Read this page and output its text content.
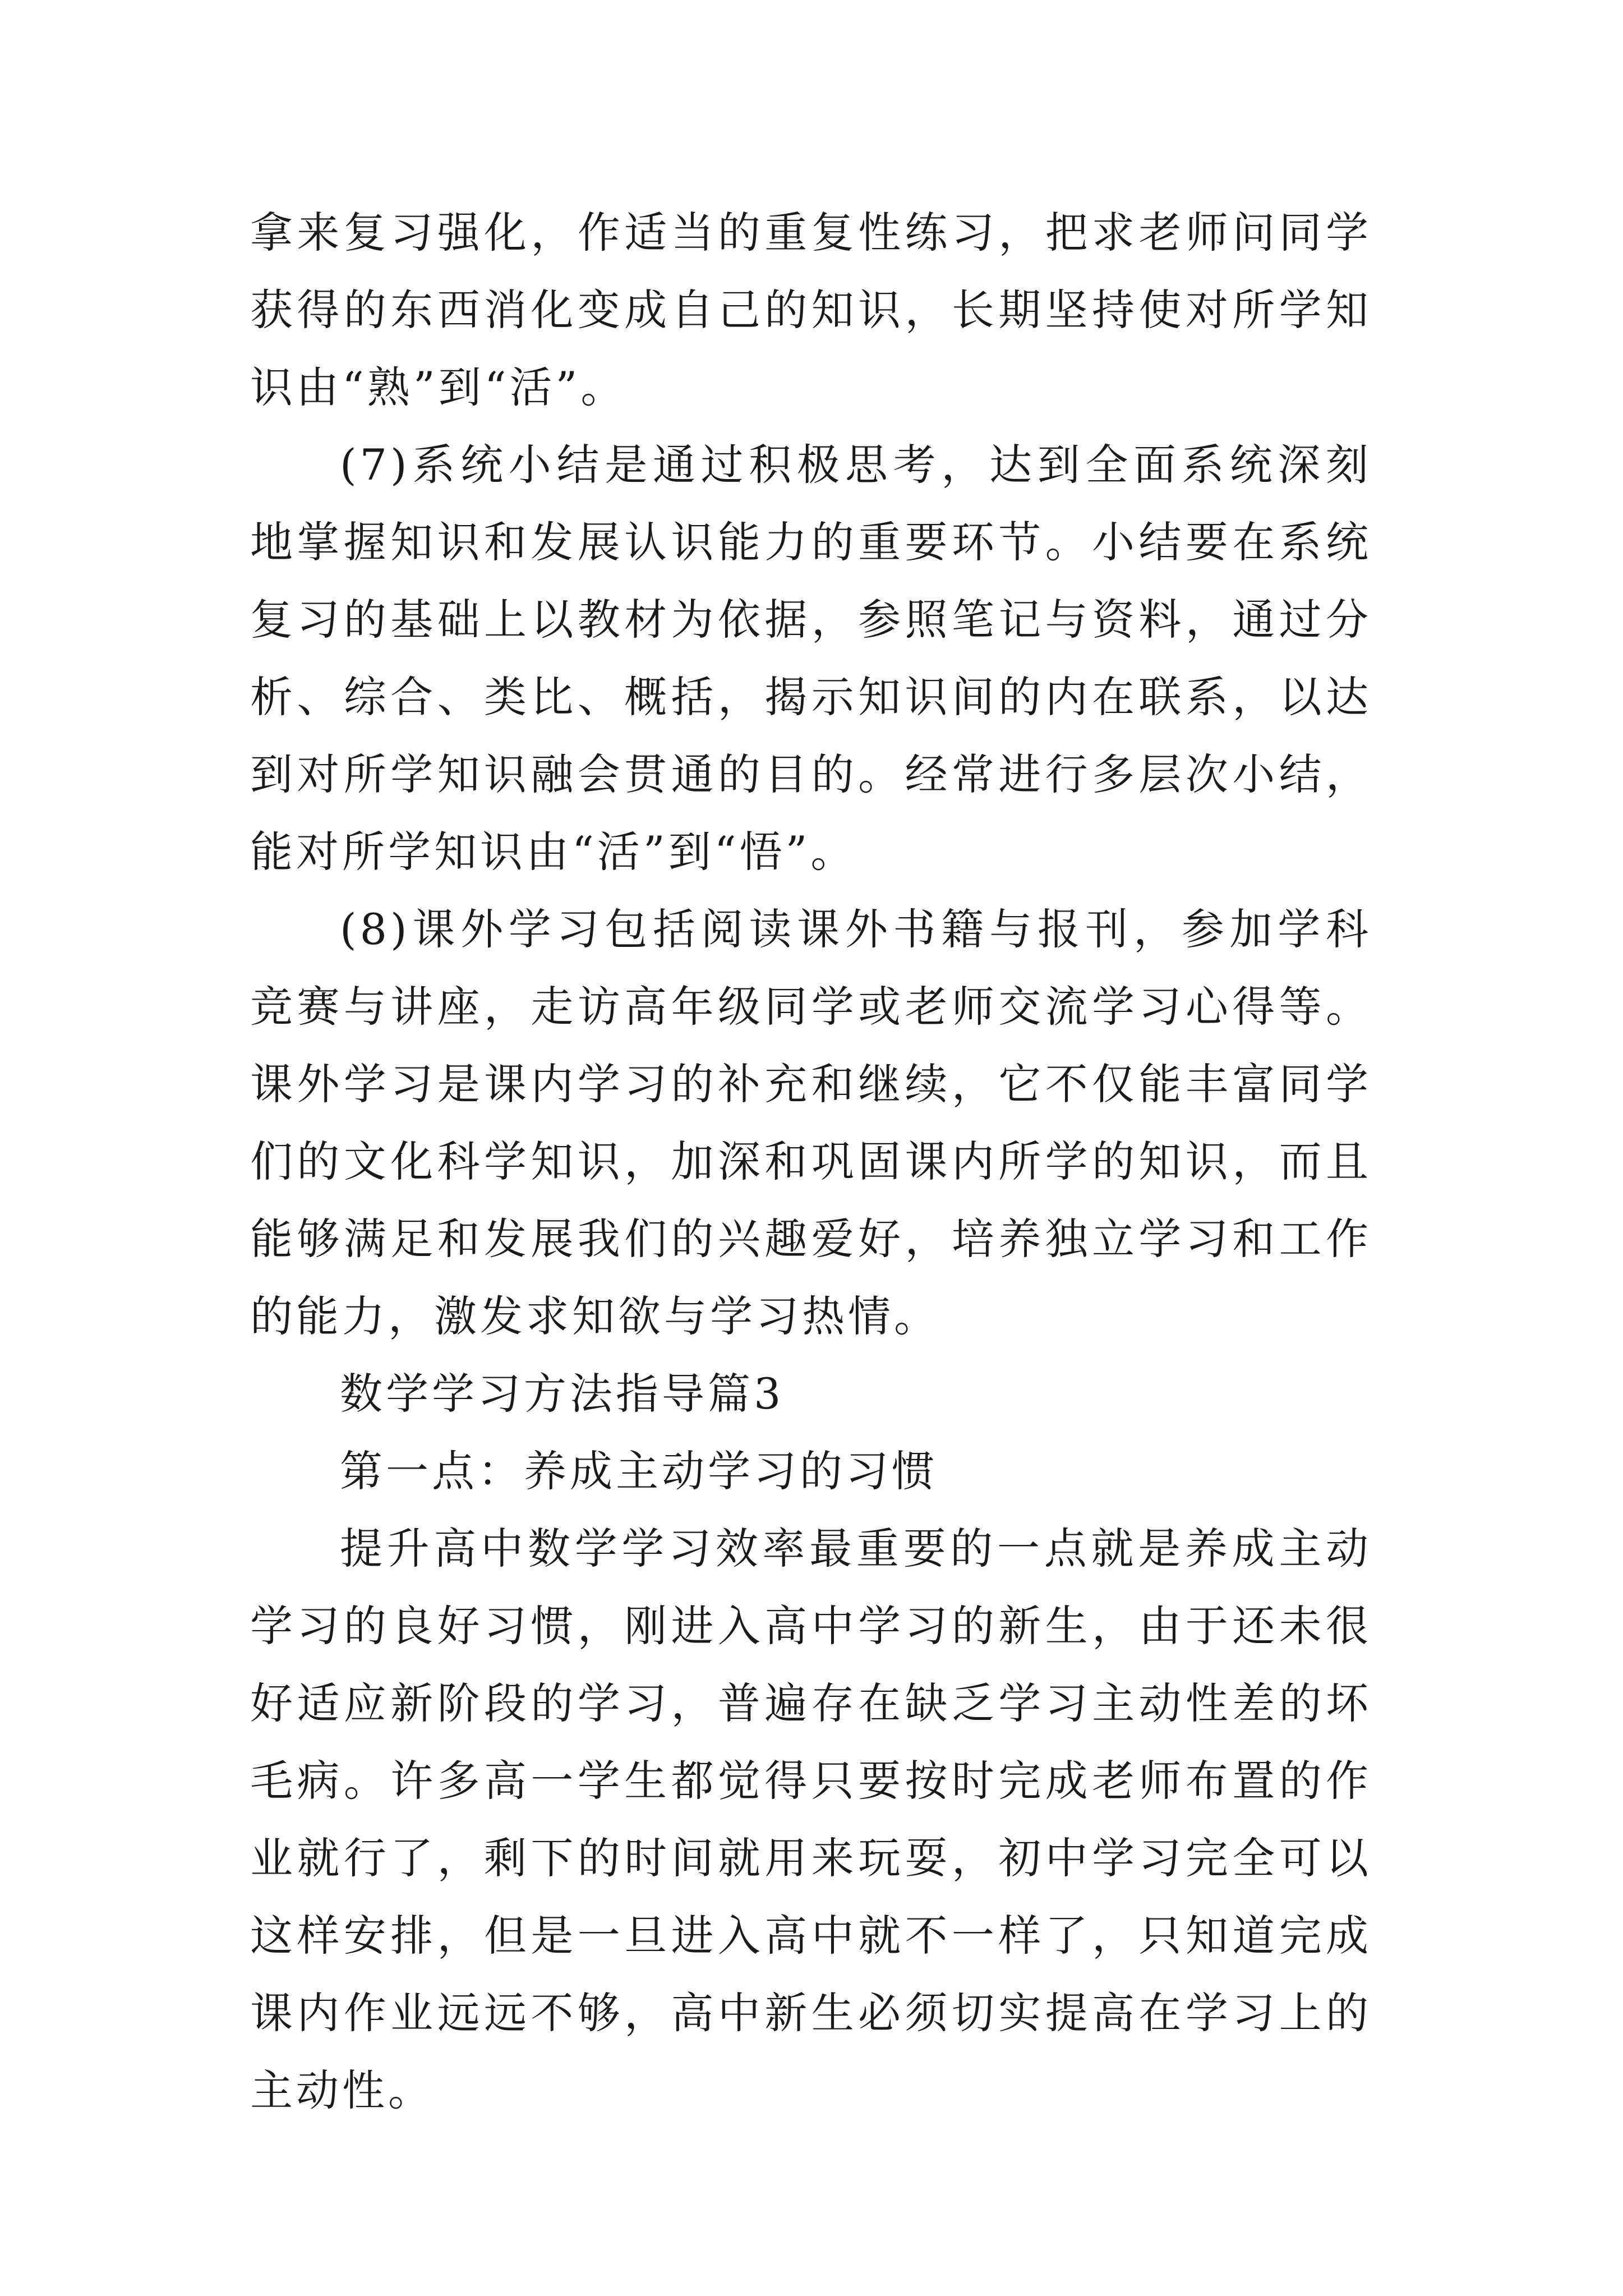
拿来复习强化，作适当的重复性练习，把求老师问同学获得的东西消化变成自己的知识，长期坚持使对所学知识由“熟”到“活”。

(7)系统小结是通过积极思考，达到全面系统深刻地掌握知识和发展认识能力的重要环节。小结要在系统复习的基础上以教材为依据，参照笔记与资料，通过分析、综合、类比、概括，揭示知识间的内在联系，以达到对所学知识融会贯通的目的。经常进行多层次小结，能对所学知识由“活”到“悟”。

(8)课外学习包括阅读课外书籍与报刊，参加学科竞赛与讲座，走访高年级同学或老师交流学习心得等。课外学习是课内学习的补充和继续，它不仅能丰富同学们的文化科学知识，加深和巩固课内所学的知识，而且能够满足和发展我们的兴趣爱好，培养独立学习和工作的能力，激发求知欲与学习热情。

数学学习方法指导篇3

第一点：养成主动学习的习惯

提升高中数学学习效率最重要的一点就是养成主动学习的良好习惯，刚进入高中学习的新生，由于还未很好适应新阶段的学习，普遍存在缺乏学习主动性差的坏毛病。许多高一学生都觉得只要按时完成老师布置的作业就行了，剩下的时间就用来玩耍，初中学习完全可以这样安排，但是一旦进入高中就不一样了，只知道完成课内作业远远不够，高中新生必须切实提高在学习上的主动性。
